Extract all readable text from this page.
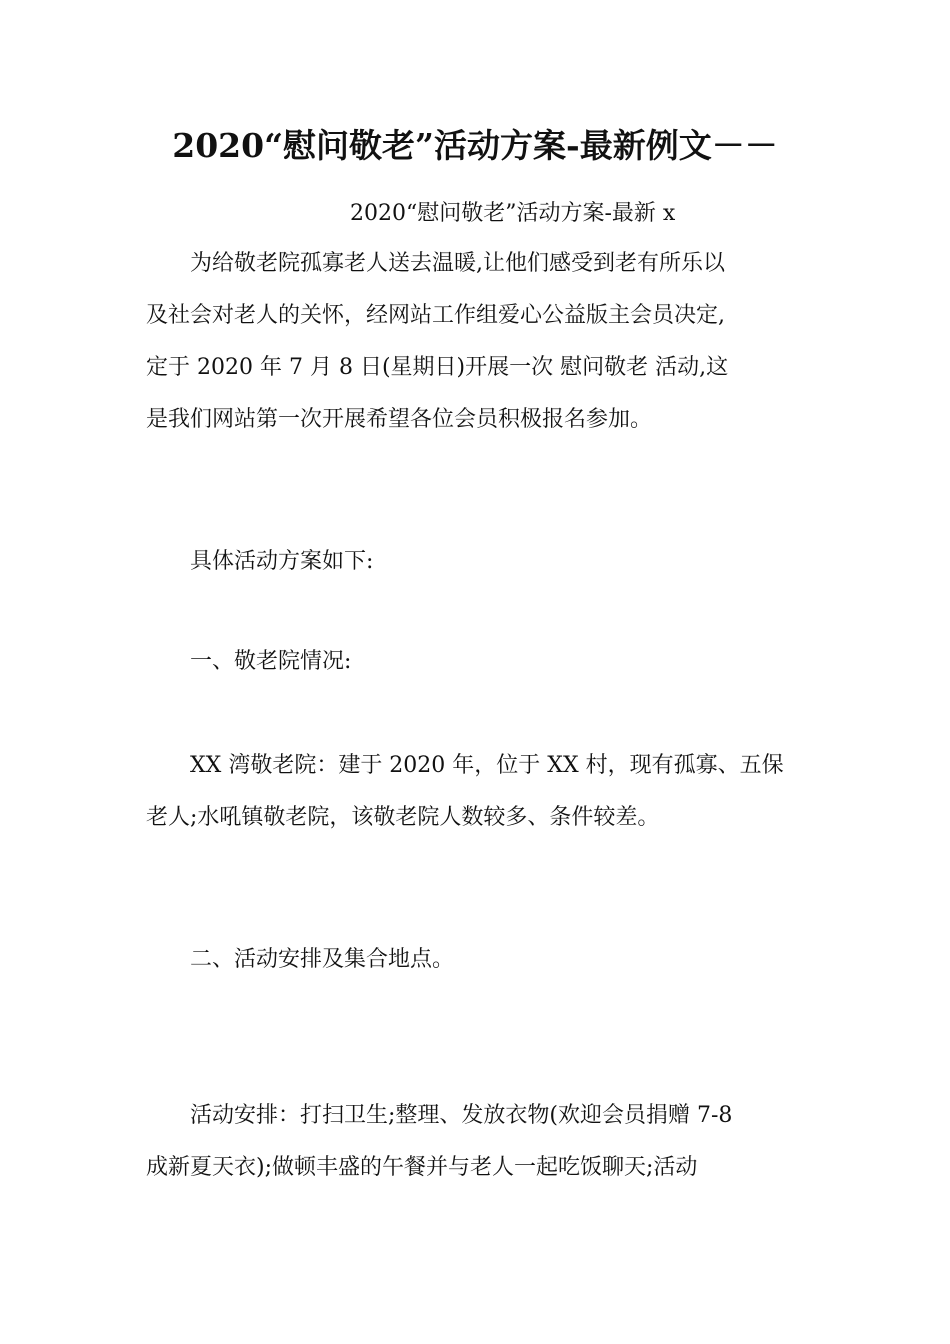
2020“慰问敬老”活动方案-最新例文－－
2020“慰问敬老”活动方案-最新 x
为给敬老院孤寡老人送去温暖,让他们感受到老有所乐以
及社会对老人的关怀，经网站工作组爱心公益版主会员决定,
定于 2020 年 7 月 8 日(星期日)开展一次 慰问敬老 活动,这
是我们网站第一次开展希望各位会员积极报名参加。
具体活动方案如下:
一、敬老院情况:
XX 湾敬老院：建于 2020 年，位于 XX 村，现有孤寡、五保
老人;水吼镇敬老院，该敬老院人数较多、条件较差。
二、活动安排及集合地点。
活动安排：打扫卫生;整理、发放衣物(欢迎会员捐赠 7-8
成新夏天衣);做顿丰盛的午餐并与老人一起吃饭聊天;活动
